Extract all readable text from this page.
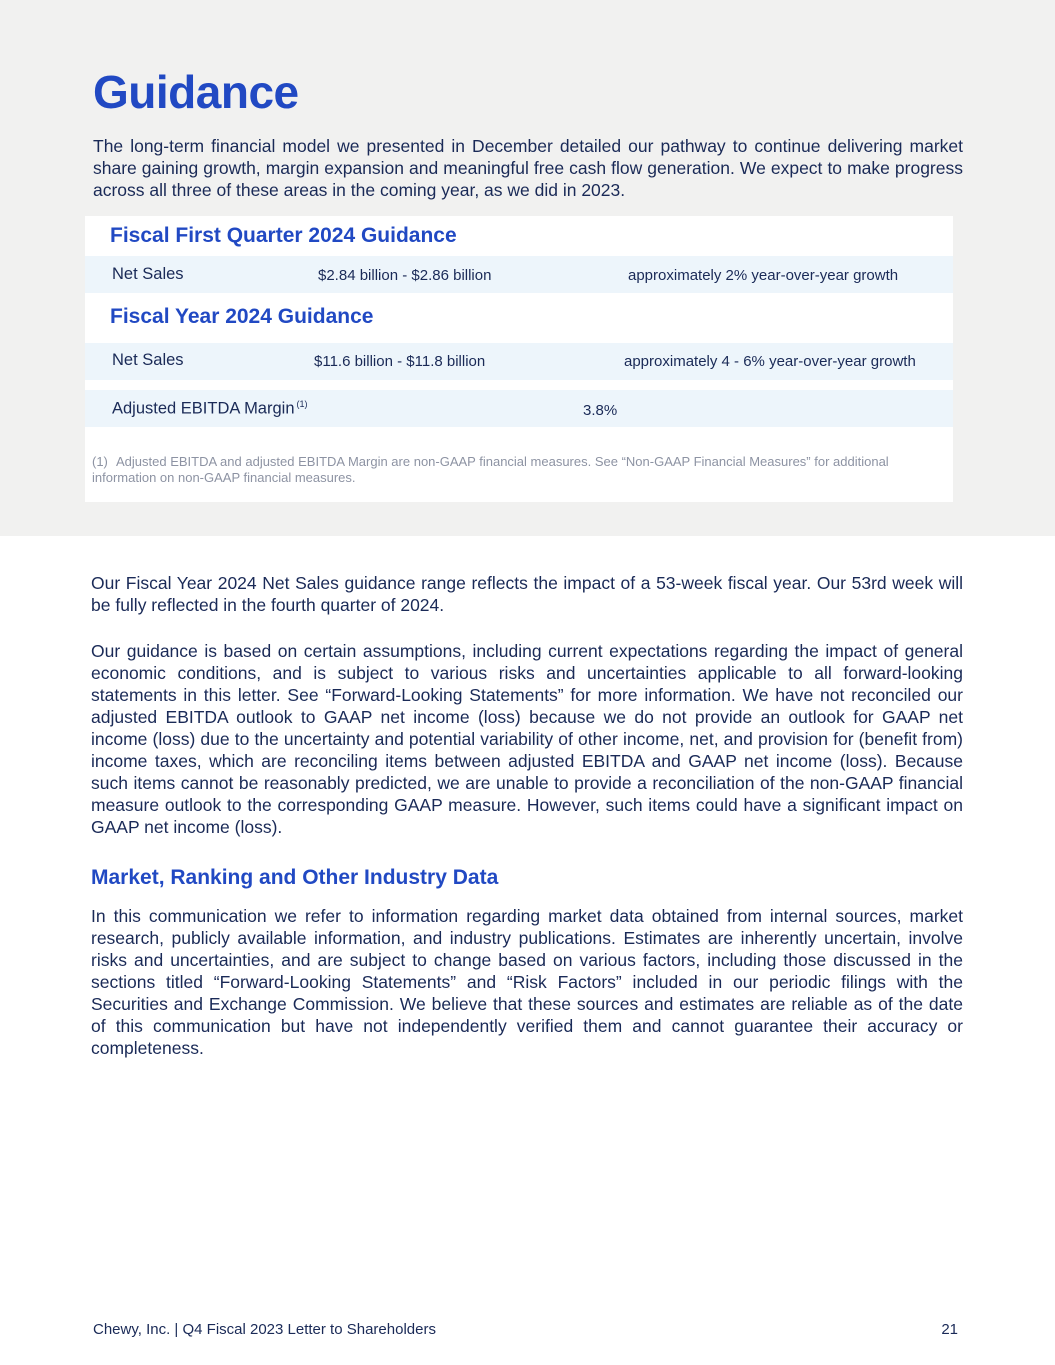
Guidance

The long-term financial model we presented in December detailed our pathway to continue delivering market share gaining growth, margin expansion and meaningful free cash flow generation. We expect to make progress across all three of these areas in the coming year, as we did in 2023.

Fiscal First Quarter 2024 Guidance
Net Sales	$2.84 billion - $2.86 billion	approximately 2% year-over-year growth
Fiscal Year 2024 Guidance
Net Sales	$11.6 billion - $11.8 billion	approximately 4 - 6% year-over-year growth
Adjusted EBITDA Margin $^{(1)}$	3.8%

(1) Adjusted EBITDA and adjusted EBITDA Margin are non-GAAP financial measures. See “Non-GAAP Financial Measures” for additional information on non-GAAP financial measures.

Our Fiscal Year 2024 Net Sales guidance range reflects the impact of a 53-week fiscal year. Our 53rd week will be fully reflected in the fourth quarter of 2024.

Our guidance is based on certain assumptions, including current expectations regarding the impact of general economic conditions, and is subject to various risks and uncertainties applicable to all forward-looking statements in this letter. See “Forward-Looking Statements” for more information. We have not reconciled our adjusted EBITDA outlook to GAAP net income (loss) because we do not provide an outlook for GAAP net income (loss) due to the uncertainty and potential variability of other income, net, and provision for (benefit from) income taxes, which are reconciling items between adjusted EBITDA and GAAP net income (loss). Because such items cannot be reasonably predicted, we are unable to provide a reconciliation of the non-GAAP financial measure outlook to the corresponding GAAP measure. However, such items could have a significant impact on GAAP net income (loss).

Market, Ranking and Other Industry Data

In this communication we refer to information regarding market data obtained from internal sources, market research, publicly available information, and industry publications. Estimates are inherently uncertain, involve risks and uncertainties, and are subject to change based on various factors, including those discussed in the sections titled “Forward-Looking Statements” and “Risk Factors” included in our periodic filings with the Securities and Exchange Commission. We believe that these sources and estimates are reliable as of the date of this communication but have not independently verified them and cannot guarantee their accuracy or completeness.

Chewy, Inc. | Q4 Fiscal 2023 Letter to Shareholders	21
